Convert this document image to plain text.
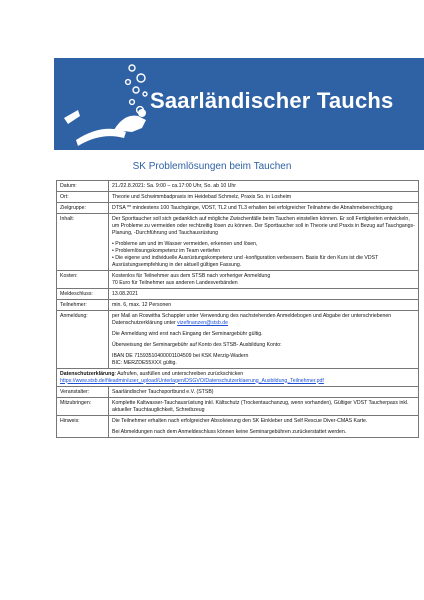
Saarländischer Tauchs
SK Problemlösungen beim Tauchen
Datum:	21./22.8.2021: Sa. 9:00 – ca.17:00 Uhr, So. ab 10 Uhr
Ort:	Theorie und Schwimmbadpraxis im Heidebad Schmelz, Praxis So. in Losheim
Zielgruppe:	DTSA ** mindestens 100 Tauchgänge, VDST, TL2 und TL3 erhalten bei erfolgreicher Teilnahme die Abnahmeberechtigung
Inhalt:	Der Sporttaucher soll sich gedanklich auf mögliche Zwischenfälle beim Tauchen einstellen können. Er soll Fertigkeiten entwickeln, um Probleme zu vermeiden oder rechtzeitig lösen zu können. Der Sporttaucher soll in Theorie und Praxis in Bezug auf Tauchgangs-Planung, -Durchführung und Tauchausrüstung
• Probleme am und im Wasser vermeiden, erkennen und lösen,
• Problemlösungskompetenz im Team vertiefen
• Die eigene und individuelle Ausrüstungskompetenz und -konfiguration verbessern. Basis für den Kurs ist die VDST Ausrüstungsempfehlung in der aktuell gültigen Fassung.

Kosten:	Kostenlos für Teilnehmer aus dem STSB nach vorheriger Anmeldung
70 Euro für Teilnehmer aus anderen Landesverbänden

Meldeschluss:	13.08.2021
Teilnehmer:	min. 6, max. 12 Personen
Anmeldung:	per Mail an Roswitha Schappler unter Verwendung des nachstehenden Anmeldebogen und Abgabe der unterschriebenen Datenschutzerklärung unter vizefinanzen@stsb.de
Die Anmeldung wird erst nach Eingang der Seminargebühr gültig.
Überweisung der Seminargebühr auf Konto des STSB- Ausbildung Konto:
IBAN DE 71593510400001104509 bei KSK Merzig-Wadern
BIC: MERZDE55XXX gültig.

Datenschutzerklärung: Aufrufen, ausfüllen und unterschreiben zurückschicken
https://www.stsb.de/fileadmin/user_upload/Unterlagen/DSGVO/Datenschutzerklaerung_Ausbildung_Teilnehmer.pdf	

Veranstalter:	Saarländischer Tauchsportbund e.V. (STSB)
Mitzubringen:	Komplette Kaltwasser-Tauchausrüstung inkl. Kältschutz (Trockentauchanzug, wenn vorhanden), Gültiger VDST Taucherpass inkl. aktueller Tauchtauglichkeit, Schreibzeug
Hinweis:	Die Teilnehmer erhalten nach erfolgreicher Absolvierung den SK Einkleber und Self Rescue Diver-CMAS Karte.
Bei Abmeldungen nach dem Anmeldeschluss können keine Seminargebühren zurückerstattet werden.
